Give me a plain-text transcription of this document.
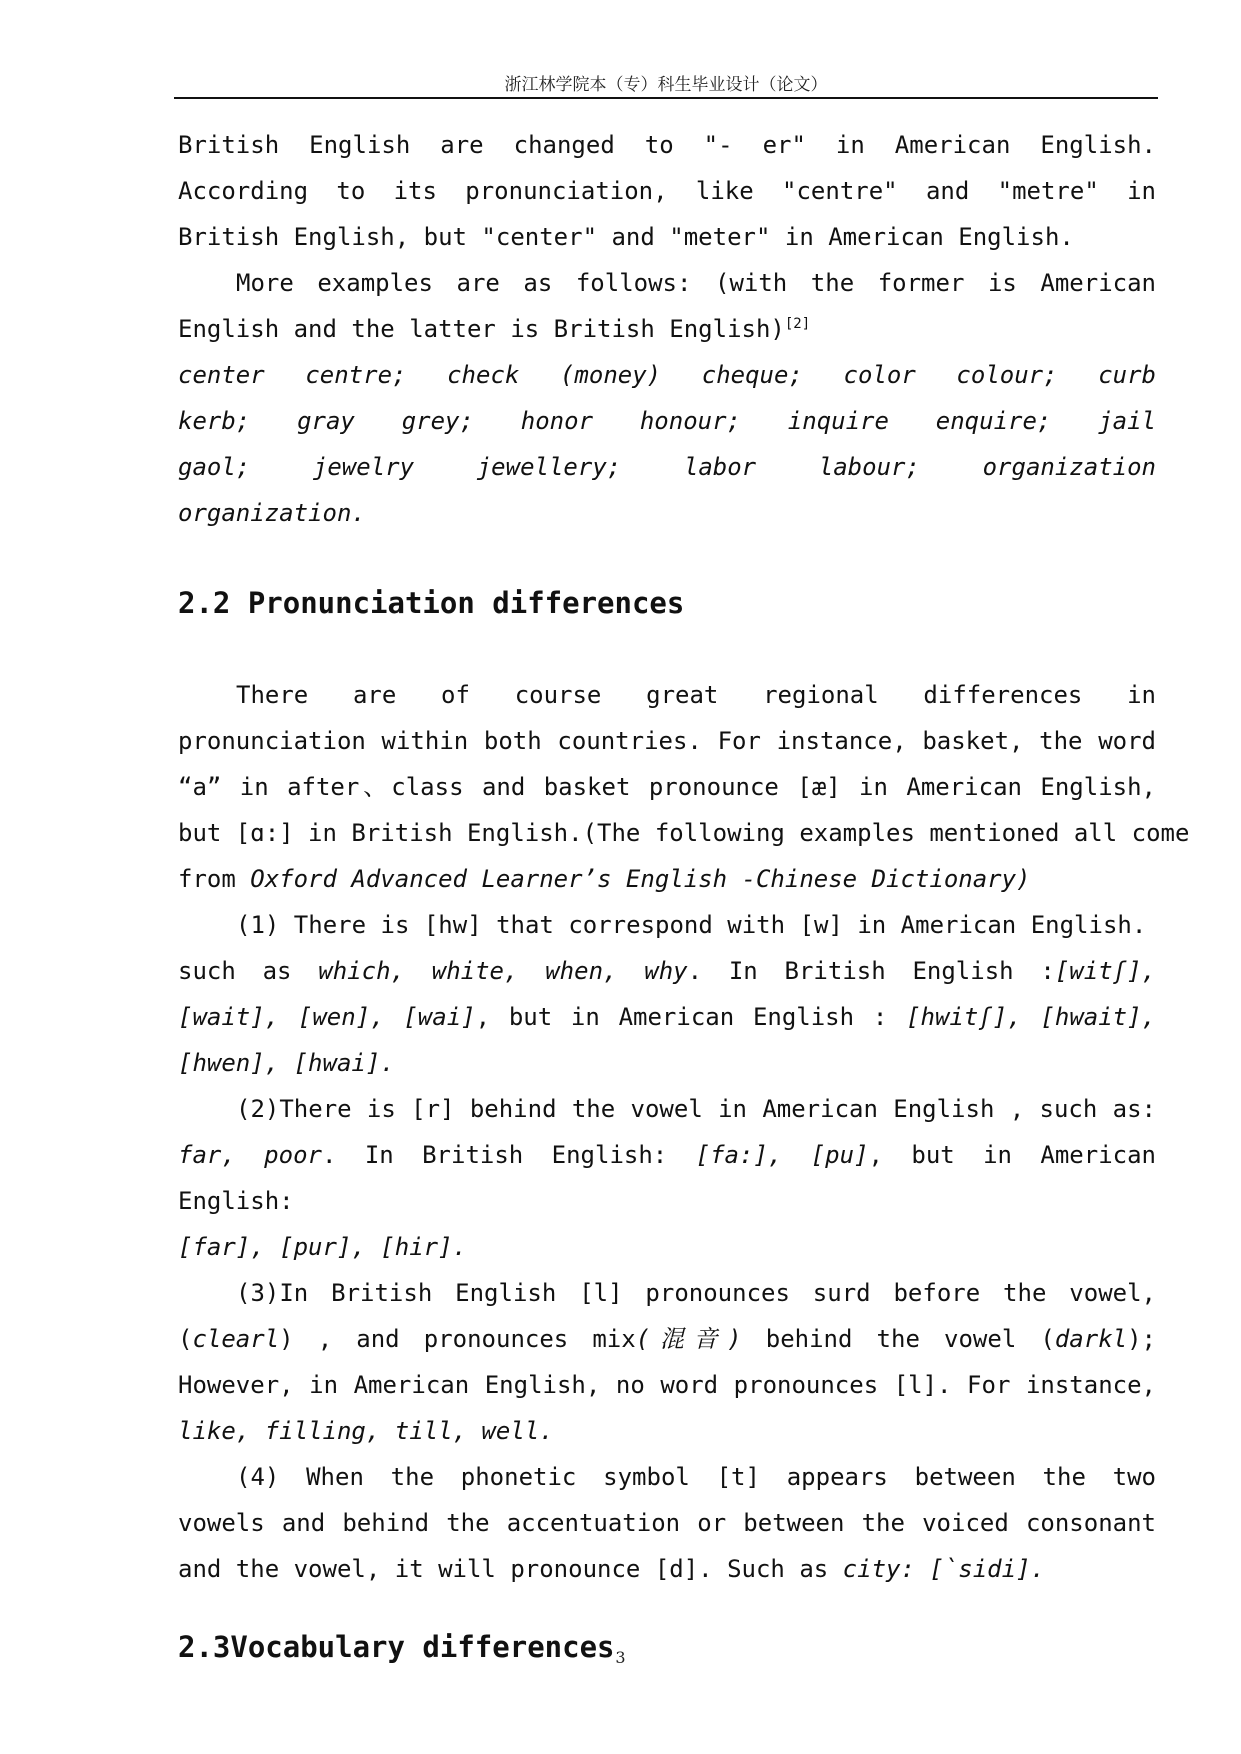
浙江林学院本（专）科生毕业设计（论文）

British English are changed to "- er" in American English.

According to its pronunciation, like "centre" and "metre" in

British English, but "center" and "meter" in American English.

More examples are as follows: (with the former is American

English and the latter is British English)[2]

center centre; check (money) cheque; color colour; curb

kerb; gray grey; honor honour; inquire enquire; jail

gaol; jewelry jewellery; labor labour; organization

organization.

2.2 Pronunciation differences

There are of course great regional differences in

pronunciation within both countries. For instance, basket, the word

“a” in after、class and basket pronounce [æ] in American English,

but [ɑ:] in British English.(The following examples mentioned all come

from Oxford Advanced Learner’s English -Chinese Dictionary)

(1) There is [hw] that correspond with [w] in American English.

such as which, white, when, why. In British English :[witʃ],

[wait], [wen], [wai], but in American English : [hwitʃ], [hwait],

[hwen], [hwai].

(2)There is [r] behind the vowel in American English , such as:

far, poor. In British English: [fa:], [pu], but in American English:

[far], [pur], [hir].

(3)In British English [l] pronounces surd before the vowel,

(clearl) , and pronounces mix(混音) behind the vowel (darkl);

However, in American English, no word pronounces [l]. For instance,

like, filling, till, well.

(4) When the phonetic symbol [t] appears between the two

vowels and behind the accentuation or between the voiced consonant

and the vowel, it will pronounce [d]. Such as city: [`sidi].

2.3Vocabulary differences 3
